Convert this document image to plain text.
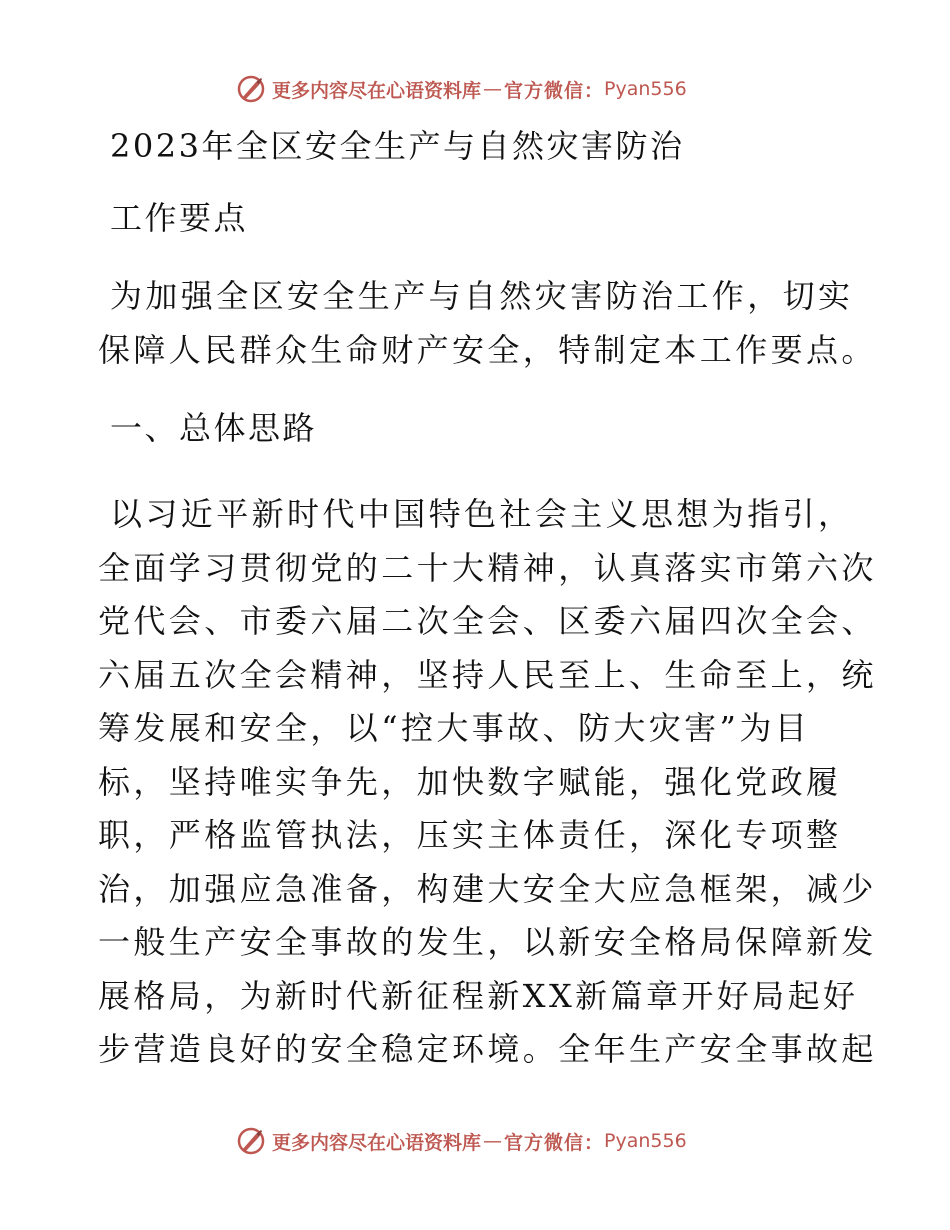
更多内容尽在心语资料库 — 官方微信： Pyan556
2023年全区安全生产与自然灾害防治
工作要点
为加强全区安全生产与自然灾害防治工作，切实
保障人民群众生命财产安全，特制定本工作要点。
一、总体思路
以习近平新时代中国特色社会主义思想为指引，
全面学习贯彻党的二十大精神，认真落实市第六次
党代会、市委六届二次全会、区委六届四次全会、
六届五次全会精神，坚持人民至上、生命至上，统
筹发展和安全，以“控大事故、防大灾害”为目
标，坚持唯实争先，加快数字赋能，强化党政履
职，严格监管执法，压实主体责任，深化专项整
治，加强应急准备，构建大安全大应急框架，减少
一般生产安全事故的发生，以新安全格局保障新发
展格局，为新时代新征程新XX新篇章开好局起好
步营造良好的安全稳定环境。全年生产安全事故起
更多内容尽在心语资料库 — 官方微信： Pyan556
